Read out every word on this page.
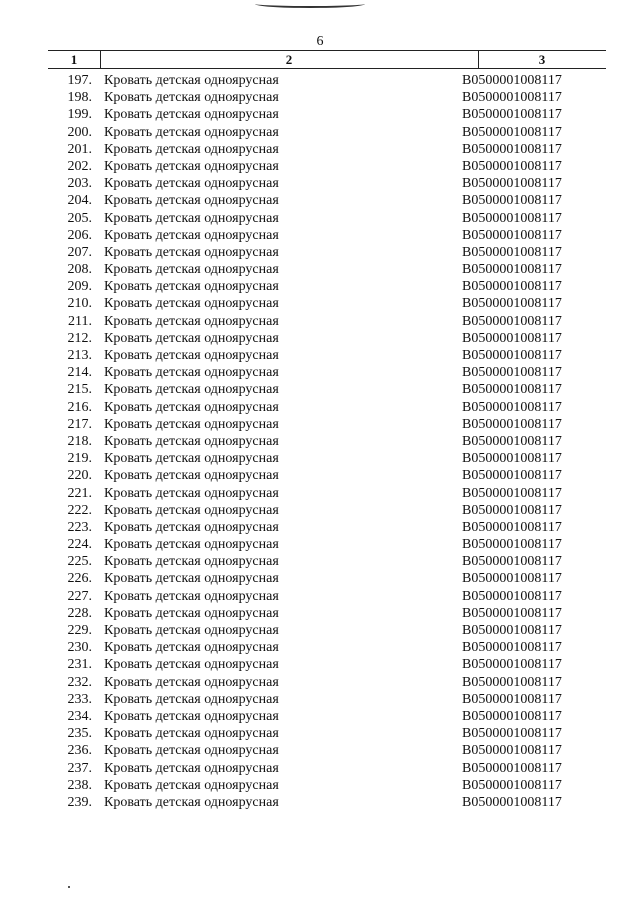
6
1	2	3
197. Кровать детская одноярусная	B0500001008117
198. Кровать детская одноярусная	B0500001008117
199. Кровать детская одноярусная	B0500001008117
200. Кровать детская одноярусная	B0500001008117
201. Кровать детская одноярусная	B0500001008117
202. Кровать детская одноярусная	B0500001008117
203. Кровать детская одноярусная	B0500001008117
204. Кровать детская одноярусная	B0500001008117
205. Кровать детская одноярусная	B0500001008117
206. Кровать детская одноярусная	B0500001008117
207. Кровать детская одноярусная	B0500001008117
208. Кровать детская одноярусная	B0500001008117
209. Кровать детская одноярусная	B0500001008117
210. Кровать детская одноярусная	B0500001008117
211. Кровать детская одноярусная	B0500001008117
212. Кровать детская одноярусная	B0500001008117
213. Кровать детская одноярусная	B0500001008117
214. Кровать детская одноярусная	B0500001008117
215. Кровать детская одноярусная	B0500001008117
216. Кровать детская одноярусная	B0500001008117
217. Кровать детская одноярусная	B0500001008117
218. Кровать детская одноярусная	B0500001008117
219. Кровать детская одноярусная	B0500001008117
220. Кровать детская одноярусная	B0500001008117
221. Кровать детская одноярусная	B0500001008117
222. Кровать детская одноярусная	B0500001008117
223. Кровать детская одноярусная	B0500001008117
224. Кровать детская одноярусная	B0500001008117
225. Кровать детская одноярусная	B0500001008117
226. Кровать детская одноярусная	B0500001008117
227. Кровать детская одноярусная	B0500001008117
228. Кровать детская одноярусная	B0500001008117
229. Кровать детская одноярусная	B0500001008117
230. Кровать детская одноярусная	B0500001008117
231. Кровать детская одноярусная	B0500001008117
232. Кровать детская одноярусная	B0500001008117
233. Кровать детская одноярусная	B0500001008117
234. Кровать детская одноярусная	B0500001008117
235. Кровать детская одноярусная	B0500001008117
236. Кровать детская одноярусная	B0500001008117
237. Кровать детская одноярусная	B0500001008117
238. Кровать детская одноярусная	B0500001008117
239. Кровать детская одноярусная	B0500001008117
